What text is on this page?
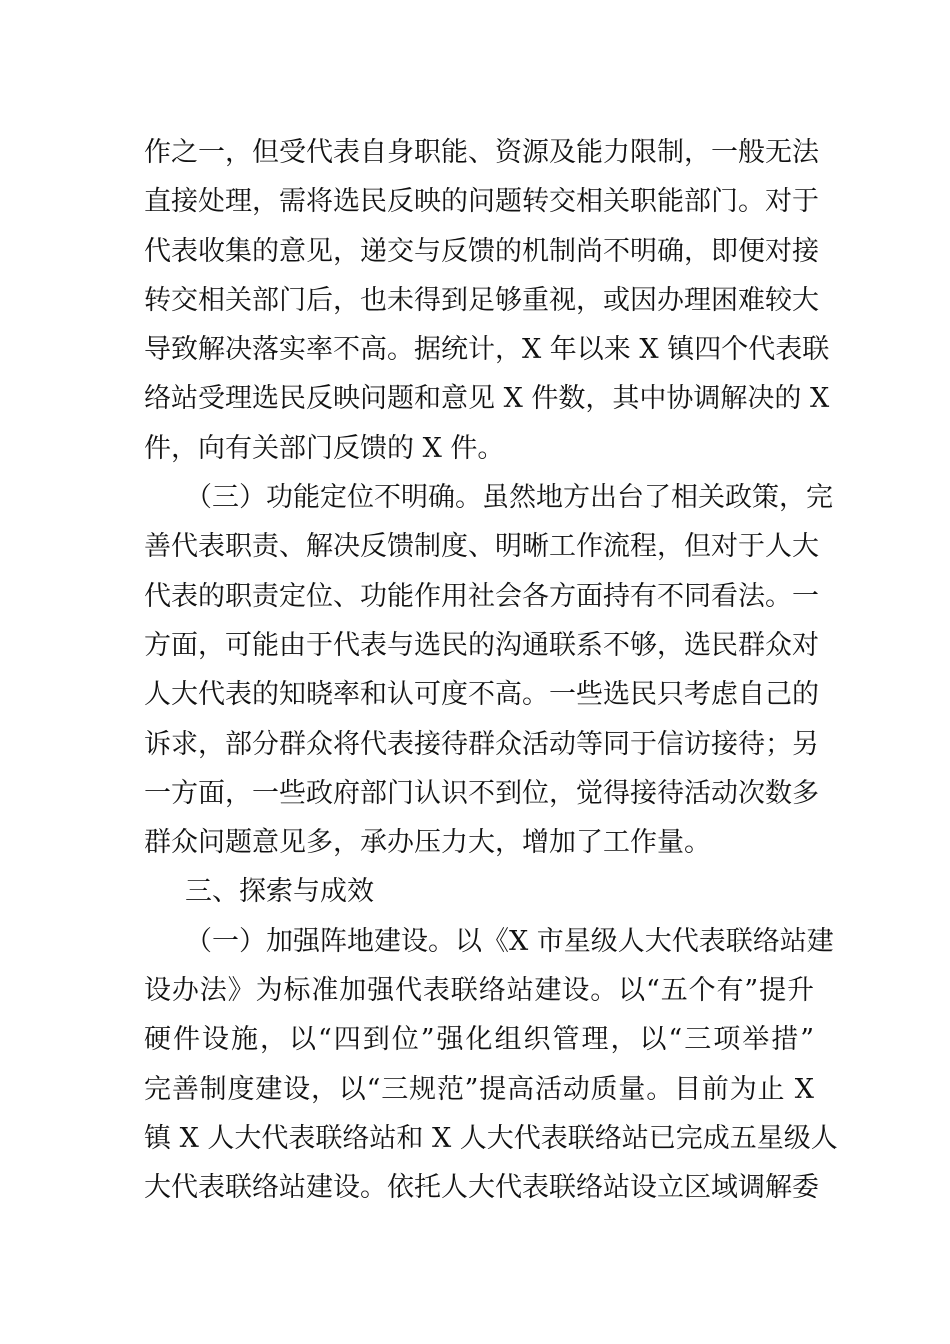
作之一，但受代表自身职能、资源及能力限制，一般无法
直接处理，需将选民反映的问题转交相关职能部门。对于
代表收集的意见，递交与反馈的机制尚不明确，即便对接
转交相关部门后，也未得到足够重视，或因办理困难较大
导致解决落实率不高。据统计，X 年以来 X 镇四个代表联
络站受理选民反映问题和意见 X 件数，其中协调解决的 X
件，向有关部门反馈的 X 件。
（三）功能定位不明确。虽然地方出台了相关政策，完
善代表职责、解决反馈制度、明晰工作流程，但对于人大
代表的职责定位、功能作用社会各方面持有不同看法。一
方面，可能由于代表与选民的沟通联系不够，选民群众对
人大代表的知晓率和认可度不高。一些选民只考虑自己的
诉求，部分群众将代表接待群众活动等同于信访接待；另
一方面，一些政府部门认识不到位，觉得接待活动次数多
群众问题意见多，承办压力大，增加了工作量。
三、探索与成效
（一）加强阵地建设。以《X 市星级人大代表联络站建
设办法》为标准加强代表联络站建设。以“五个有”提升
硬件设施，以“四到位”强化组织管理，以“三项举措”
完善制度建设，以“三规范”提高活动质量。目前为止 X
镇 X 人大代表联络站和 X 人大代表联络站已完成五星级人
大代表联络站建设。依托人大代表联络站设立区域调解委
